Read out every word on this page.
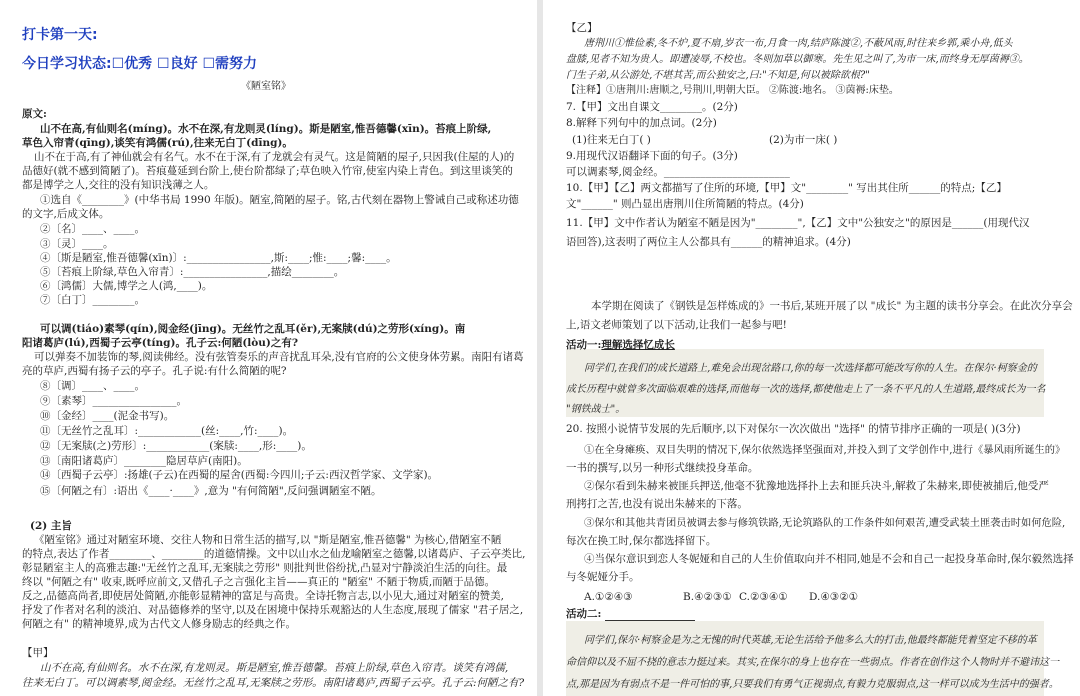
打卡第一天:
今日学习状态:☐优秀 ☐良好 ☐需努力
《陋室铭》
原文:
山不在高,有仙则名(míng)。水不在深,有龙则灵(líng)。斯是陋室,惟吾德馨(xīn)。苔痕上阶绿,
草色入帘青(qīng),谈笑有鸿儒(rú),往来无白丁(dīng)。
山不在于高,有了神仙就会有名气。水不在于深,有了龙就会有灵气。这是简陋的屋子,只因我(住屋的人)的
品德好(就不感到简陋了)。苔痕蔓延到台阶上,使台阶都绿了;草色映入竹帘,使室内染上青色。到这里谈笑的
都是博学之人,交往的没有知识浅薄之人。
①选自《________》(中华书局 1990 年版)。陋室,简陋的屋子。铭,古代刻在器物上警诫自己或称述功德
的文字,后成文体。
②〔名〕____、____。
③〔灵〕____。
④〔斯是陋室,惟吾德馨(xīn)〕:________________,斯:____;惟:____;馨:____。
⑤〔苔痕上阶绿,草色入帘青〕:________________,描绘________。
⑥〔鸿儒〕大儒,博学之人(鸿,____)。
⑦〔白丁〕________。
可以调(tiáo)素琴(qín),阅金经(jīng)。无丝竹之乱耳(ěr),无案牍(dú)之劳形(xíng)。南
阳诸葛庐(lú),西蜀子云亭(tíng)。孔子云:何陋(lòu)之有?
可以弹奏不加装饰的琴,阅读佛经。没有弦管奏乐的声音扰乱耳朵,没有官府的公文使身体劳累。南阳有诸葛
亮的草庐,西蜀有扬子云的亭子。孔子说:有什么简陋的呢?
⑧〔调〕____、____。
⑨〔素琴〕________________。
⑩〔金经〕____(泥金书写)。
⑪〔无丝竹之乱耳〕:____________(丝:____,竹:____)。
⑫〔无案牍(之)劳形〕:____________(案牍:____,形:____)。
⑬〔南阳诸葛庐〕________隐居草庐(南阳)。
⑭〔西蜀子云亭〕:扬雄(子云)在西蜀的屋舍(西蜀:今四川;子云:西汉哲学家、文学家)。
⑮〔何陋之有〕:语出《____·____》,意为 "有何简陋",反问强调陋室不陋。
(2) 主旨
《陋室铭》通过对陋室环境、交往人物和日常生活的描写,以 "斯是陋室,惟吾德馨" 为核心,借陋室不陋
的特点,表达了作者________、________的道德情操。文中以山水之仙龙喻陋室之德馨,以诸葛庐、子云亭类比,
彰显陋室主人的高雅志趣:"无丝竹之乱耳,无案牍之劳形" 则批判世俗纷扰,凸显对宁静淡泊生活的向往。最
终以 "何陋之有" 收束,既呼应前文,又借孔子之言强化主旨——真正的 "陋室" 不陋于物质,而陋于品德。
反之,品德高尚者,即使居处简陋,亦能彰显精神的富足与高贵。全诗托物言志,以小见大,通过对陋室的赞美,
抒发了作者对名利的淡泊、对品德修养的坚守,以及在困境中保持乐观豁达的人生态度,展现了儒家 "君子居之,
何陋之有" 的精神境界,成为古代文人修身励志的经典之作。
【甲】
山不在高,有仙则名。水不在深,有龙则灵。斯是陋室,惟吾德馨。苔痕上阶绿,草色入帘青。谈笑有鸿儒,
往来无白丁。可以调素琴,阅金经。无丝竹之乱耳,无案牍之劳形。南阳诸葛庐,西蜀子云亭。孔子云:何陋之有?
【乙】
唐荆川①惟俭素,冬不炉,夏不扇,岁衣一布,月食一肉,结庐陈渡②,不蔽风雨,时往来乡郭,乘小舟,低头
盘膝,见者不知为贵人。即遭凌辱,不校也。冬则加草以御寒。先生见之叫了,为市一床,而终身无厚茵褥③。
门生子弟,从公游处,不堪其苦,而公独安之,曰:"不知是,何以被除欲根?"
【注释】①唐荆川:唐顺之,号荆川,明朝大臣。 ②陈渡:地名。 ③茵褥:床垫。
7.【甲】文出自课文________。(2分)
8.解释下列句中的加点词。(2分)
(1)往来无白丁( )	(2)为市一床( )
9.用现代汉语翻译下面的句子。(3分)
可以调素琴,阅金经。________________________
10.【甲】【乙】两文都描写了住所的环境,【甲】文"________" 写出其住所______的特点;【乙】
文"______" 则凸显出唐荆川住所简陋的特点。(4分)
11.【甲】文中作者认为陋室不陋是因为"________",【乙】文中"公独安之"的原因是______(用现代汉
语回答),这表明了两位主人公都具有______的精神追求。(4分)
本学期在阅读了《钢铁是怎样炼成的》一书后,某班开展了以 "成长" 为主题的读书分享会。在此次分享会
上,语文老师策划了以下活动,让我们一起参与吧!
活动一:理解选择忆成长
同学们,在我们的成长道路上,难免会出现岔路口,你的每一次选择都可能改写你的人生。在保尔·柯察金的
成长历程中就曾多次面临艰难的选择,而他每一次的选择,都使他走上了一条不平凡的人生道路,最终成长为一名
"钢铁战士"。
20. 按照小说情节发展的先后顺序,以下对保尔一次次做出 "选择" 的情节排序正确的一项是( )(3分)
①在全身瘫痪、双目失明的情况下,保尔依然选择坚强面对,并投入到了文学创作中,进行《暴风雨所诞生的》
一书的撰写,以另一种形式继续投身革命。
②保尔看到朱赫来被匪兵押送,他毫不犹豫地选择扑上去和匪兵决斗,解救了朱赫来,即使被捕后,他受严
刑拷打之苦,也没有说出朱赫来的下落。
③保尔和其他共青团员被调去参与修筑铁路,无论筑路队的工作条件如何艰苦,遭受武装土匪袭击时如何危险,
每次在换工时,保尔都选择留下。
④当保尔意识到恋人冬妮娅和自己的人生价值取向并不相同,她是不会和自己一起投身革命时,保尔毅然选择
与冬妮娅分手。
A.①②④③	B.④②③① C.②③④① D.④③②①
活动二:
同学们,保尔·柯察金是为之无愧的时代英雄,无论生活给予他多么大的打击,他最终都能凭着坚定不移的革
命信仰以及不屈不挠的意志力挺过来。其实,在保尔的身上也存在一些弱点。作者在创作这个人物时并不避讳这一
点,那是因为有弱点不是一件可怕的事,只要我们有勇气正视弱点,有毅力克服弱点,这一样可以成为生活中的强者。
